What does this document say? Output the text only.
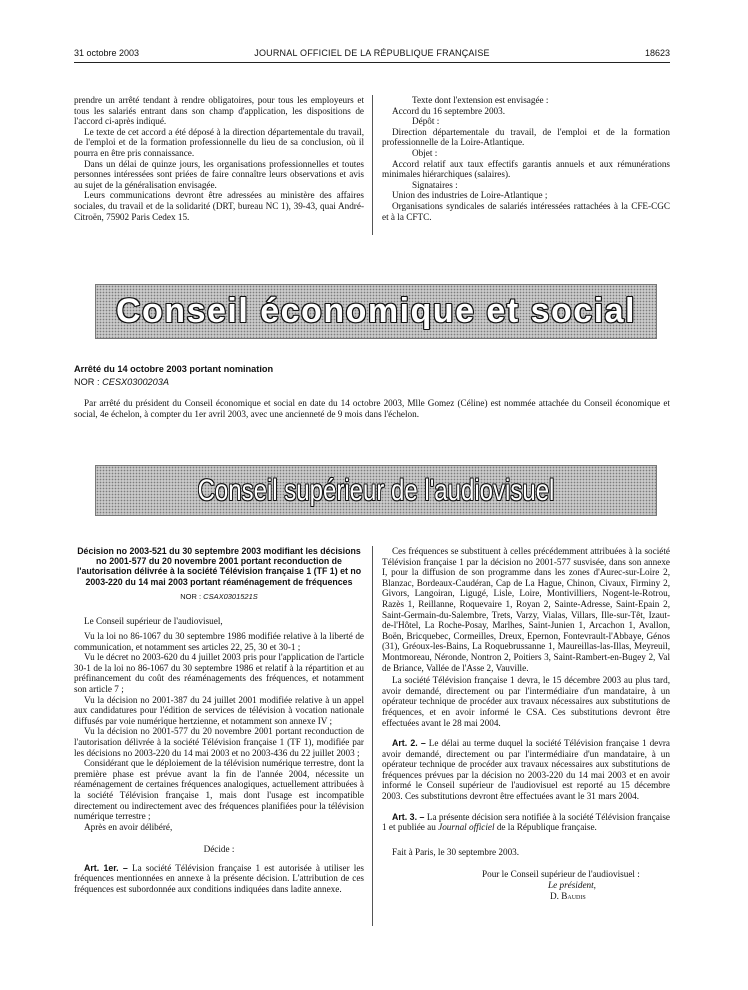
31 octobre 2003	JOURNAL OFFICIEL DE LA RÉPUBLIQUE FRANÇAISE	18623

prendre un arrêté tendant à rendre obligatoires, pour tous les employeurs et tous les salariés entrant dans son champ d'application, les dispositions de l'accord ci-après indiqué.

Le texte de cet accord a été déposé à la direction départementale du travail, de l'emploi et de la formation professionnelle du lieu de sa conclusion, où il pourra en être pris connaissance.

Dans un délai de quinze jours, les organisations professionnelles et toutes personnes intéressées sont priées de faire connaître leurs observations et avis au sujet de la généralisation envisagée.

Leurs communications devront être adressées au ministère des affaires sociales, du travail et de la solidarité (DRT, bureau NC 1), 39-43, quai André-Citroën, 75902 Paris Cedex 15.

Texte dont l'extension est envisagée :

Accord du 16 septembre 2003.

Dépôt :

Direction départementale du travail, de l'emploi et de la formation professionnelle de la Loire-Atlantique.

Objet :

Accord relatif aux taux effectifs garantis annuels et aux rémunérations minimales hiérarchiques (salaires).

Signataires :

Union des industries de Loire-Atlantique ;

Organisations syndicales de salariés intéressées rattachées à la CFE-CGC et à la CFTC.

Conseil économique et social
Arrêté du 14 octobre 2003 portant nomination
NOR : CESX0300203A
Par arrêté du président du Conseil économique et social en date du 14 octobre 2003, Mlle Gomez (Céline) est nommée attachée du Conseil économique et social, 4e échelon, à compter du 1er avril 2003, avec une ancienneté de 9 mois dans l'échelon.
Conseil supérieur de l'audiovisuel

Décision no 2003-521 du 30 septembre 2003 modifiant les décisions no 2001-577 du 20 novembre 2001 portant reconduction de l'autorisation délivrée à la société Télévision française 1 (TF 1) et no 2003-220 du 14 mai 2003 portant réaménagement de fréquences

NOR : CSAX0301521S

Le Conseil supérieur de l'audiovisuel,

Vu la loi no 86-1067 du 30 septembre 1986 modifiée relative à la liberté de communication, et notamment ses articles 22, 25, 30 et 30-1 ;

Vu le décret no 2003-620 du 4 juillet 2003 pris pour l'application de l'article 30-1 de la loi no 86-1067 du 30 septembre 1986 et relatif à la répartition et au préfinancement du coût des réaménagements des fréquences, et notamment son article 7 ;

Vu la décision no 2001-387 du 24 juillet 2001 modifiée relative à un appel aux candidatures pour l'édition de services de télévision à vocation nationale diffusés par voie numérique hertzienne, et notamment son annexe IV ;

Vu la décision no 2001-577 du 20 novembre 2001 portant reconduction de l'autorisation délivrée à la société Télévision française 1 (TF 1), modifiée par les décisions no 2003-220 du 14 mai 2003 et no 2003-436 du 22 juillet 2003 ;

Considérant que le déploiement de la télévision numérique terrestre, dont la première phase est prévue avant la fin de l'année 2004, nécessite un réaménagement de certaines fréquences analogiques, actuellement attribuées à la société Télévision française 1, mais dont l'usage est incompatible directement ou indirectement avec des fréquences planifiées pour la télévision numérique terrestre ;

Après en avoir délibéré,

Décide :

Art. 1er. – La société Télévision française 1 est autorisée à utiliser les fréquences mentionnées en annexe à la présente décision. L'attribution de ces fréquences est subordonnée aux conditions indiquées dans ladite annexe.

Ces fréquences se substituent à celles précédemment attribuées à la société Télévision française 1 par la décision no 2001-577 susvisée, dans son annexe I, pour la diffusion de son programme dans les zones d'Aurec-sur-Loire 2, Blanzac, Bordeaux-Caudéran, Cap de La Hague, Chinon, Civaux, Firminy 2, Givors, Langoiran, Ligugé, Lisle, Loire, Montivilliers, Nogent-le-Rotrou, Razès 1, Reillanne, Roquevaire 1, Royan 2, Sainte-Adresse, Saint-Epain 2, Saint-Germain-du-Salembre, Trets, Varzy, Vialas, Villars, Ille-sur-Têt, Izaut-de-l'Hôtel, La Roche-Posay, Marlhes, Saint-Junien 1, Arcachon 1, Avallon, Boën, Bricquebec, Cormeilles, Dreux, Epernon, Fontevrault-l'Abbaye, Génos (31), Gréoux-les-Bains, La Roquebrussanne 1, Maureillas-las-Illas, Meyreuil, Montmoreau, Néronde, Nontron 2, Poitiers 3, Saint-Rambert-en-Bugey 2, Val de Briance, Vallée de l'Asse 2, Vauville.

La société Télévision française 1 devra, le 15 décembre 2003 au plus tard, avoir demandé, directement ou par l'intermédiaire d'un mandataire, à un opérateur technique de procéder aux travaux nécessaires aux substitutions de fréquences, et en avoir informé le CSA. Ces substitutions devront être effectuées avant le 28 mai 2004.

Art. 2. – Le délai au terme duquel la société Télévision française 1 devra avoir demandé, directement ou par l'intermédiaire d'un mandataire, à un opérateur technique de procéder aux travaux nécessaires aux substitutions de fréquences prévues par la décision no 2003-220 du 14 mai 2003 et en avoir informé le Conseil supérieur de l'audiovisuel est reporté au 15 décembre 2003. Ces substitutions devront être effectuées avant le 31 mars 2004.

Art. 3. – La présente décision sera notifiée à la société Télévision française 1 et publiée au Journal officiel de la République française.

Fait à Paris, le 30 septembre 2003.

Pour le Conseil supérieur de l'audiovisuel :

Le président,

D. Baudis
